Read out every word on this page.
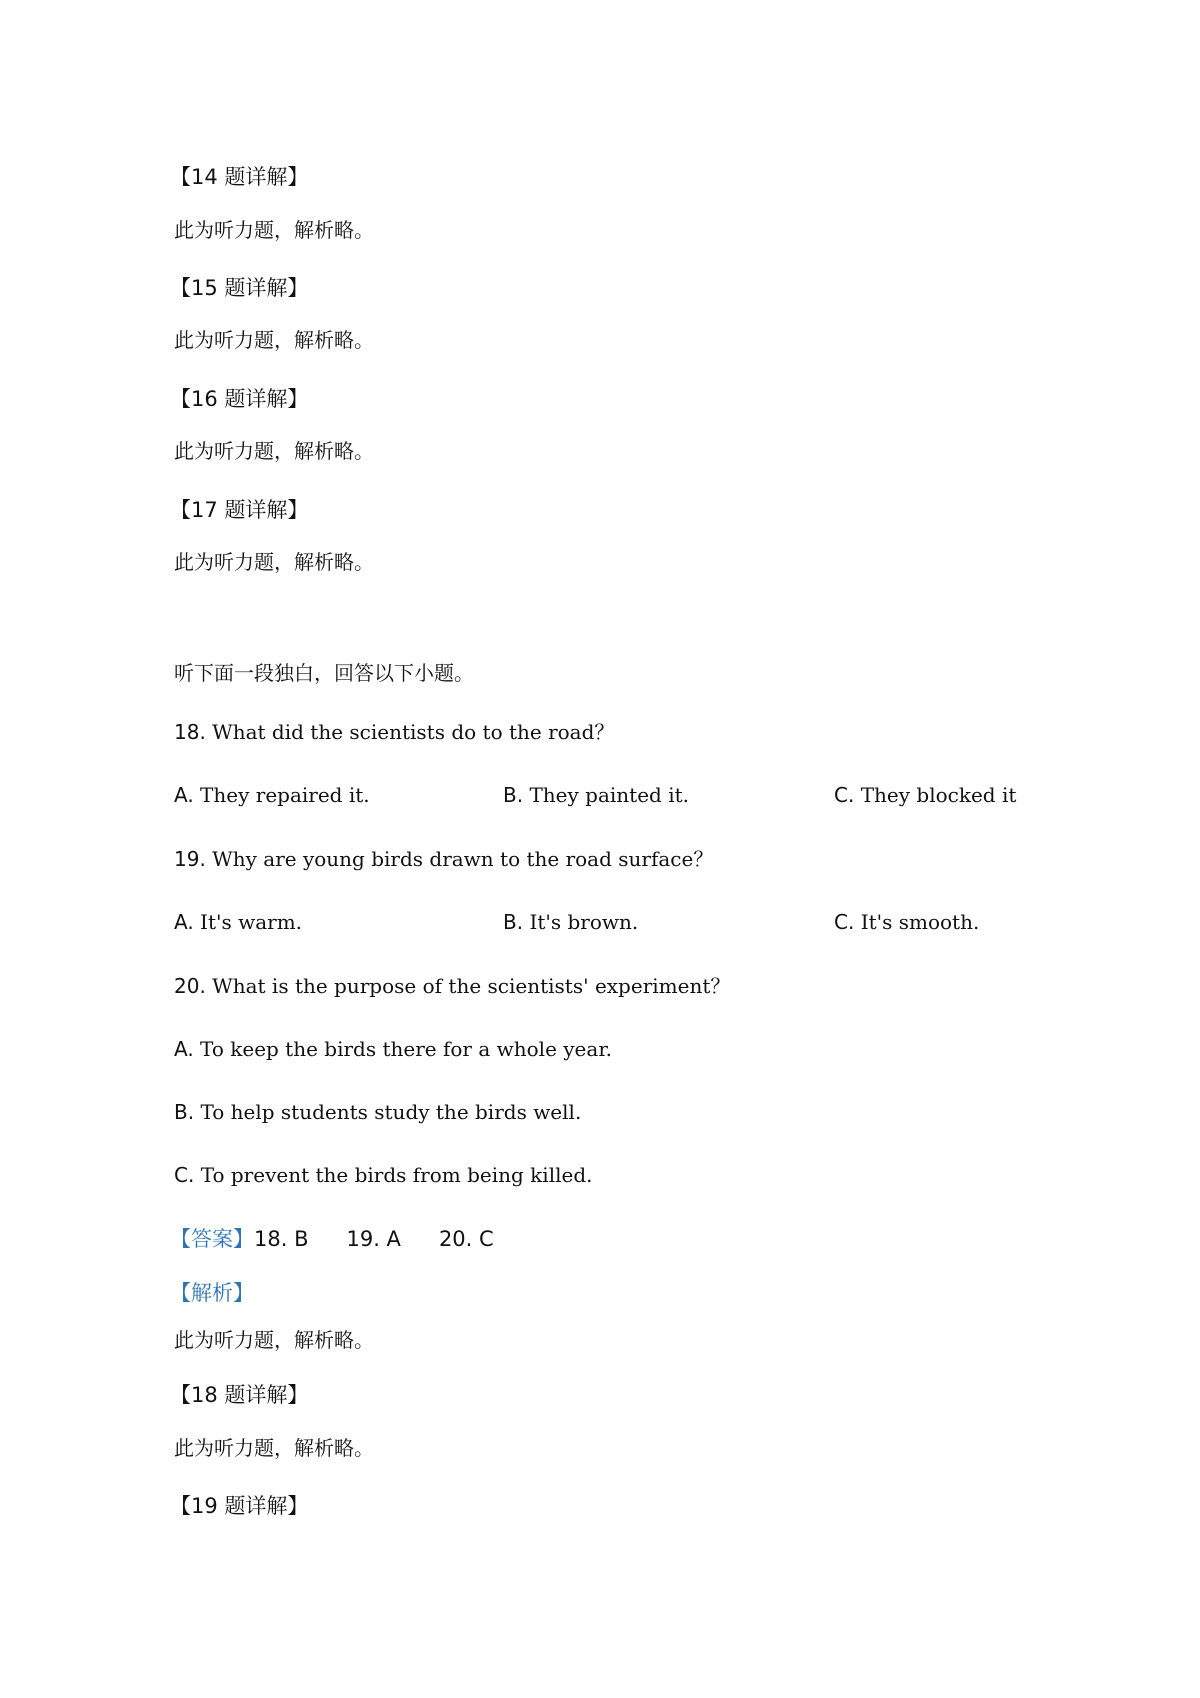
【14 题详解】
此为听力题，解析略。
【15 题详解】
此为听力题，解析略。
【16 题详解】
此为听力题，解析略。
【17 题详解】
此为听力题，解析略。
听下面一段独白，回答以下小题。
18. What did the scientists do to the road？
A. They repaired it.	B. They painted it.	C. They blocked it
19. Why are young birds drawn to the road surface？
A. It's warm.	B. It's brown.	C. It's smooth.
20. What is the purpose of the scientists' experiment？
A. To keep the birds there for a whole year.
B. To help students study the birds well.
C. To prevent the birds from being killed.
【答案】18. B 19. A 20. C
【解析】
此为听力题，解析略。
【18 题详解】
此为听力题，解析略。
【19 题详解】
